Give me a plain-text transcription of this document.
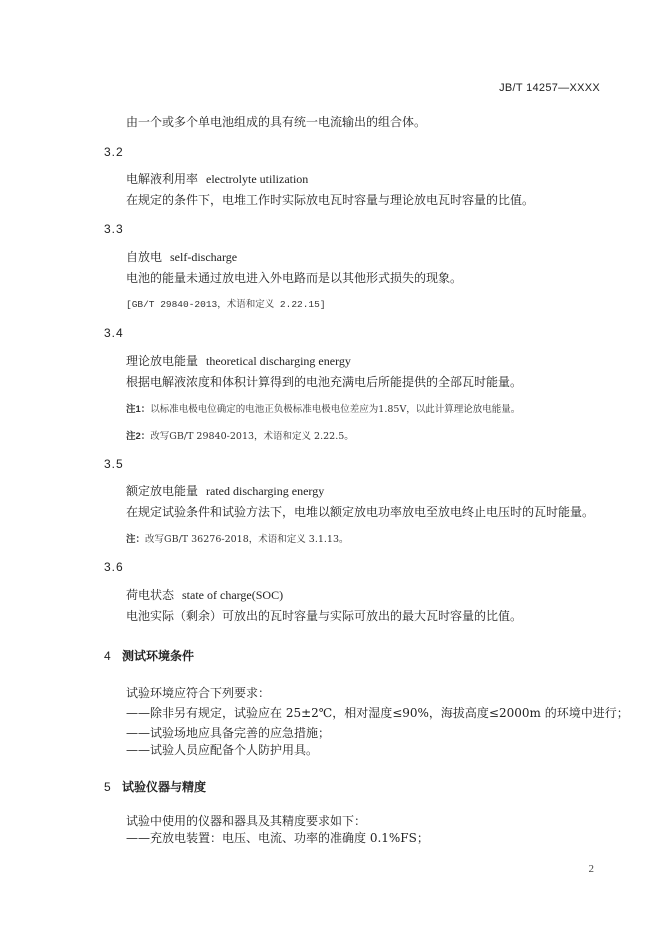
JB/T 14257—XXXX
由一个或多个单电池组成的具有统一电流输出的组合体。
3.2
电解液利用率 electrolyte utilization
在规定的条件下，电堆工作时实际放电瓦时容量与理论放电瓦时容量的比值。
3.3
自放电 self-discharge
电池的能量未通过放电进入外电路而是以其他形式损失的现象。
[GB/T 29840-2013，术语和定义 2.22.15]
3.4
理论放电能量 theoretical discharging energy
根据电解液浓度和体积计算得到的电池充满电后所能提供的全部瓦时能量。
注1：以标准电极电位确定的电池正负极标准电极电位差应为1.85V，以此计算理论放电能量。
注2：改写GB/T 29840-2013，术语和定义 2.22.5。
3.5
额定放电能量 rated discharging energy
在规定试验条件和试验方法下，电堆以额定放电功率放电至放电终止电压时的瓦时能量。
注：改写GB/T 36276-2018，术语和定义 3.1.13。
3.6
荷电状态 state of charge(SOC)
电池实际（剩余）可放出的瓦时容量与实际可放出的最大瓦时容量的比值。
4 测试环境条件
试验环境应符合下列要求：
——除非另有规定，试验应在 25±2℃，相对湿度≤90%，海拔高度≤2000m 的环境中进行；
——试验场地应具备完善的应急措施；
——试验人员应配备个人防护用具。
5 试验仪器与精度
试验中使用的仪器和器具及其精度要求如下：
——充放电装置：电压、电流、功率的准确度 0.1%FS；
2
